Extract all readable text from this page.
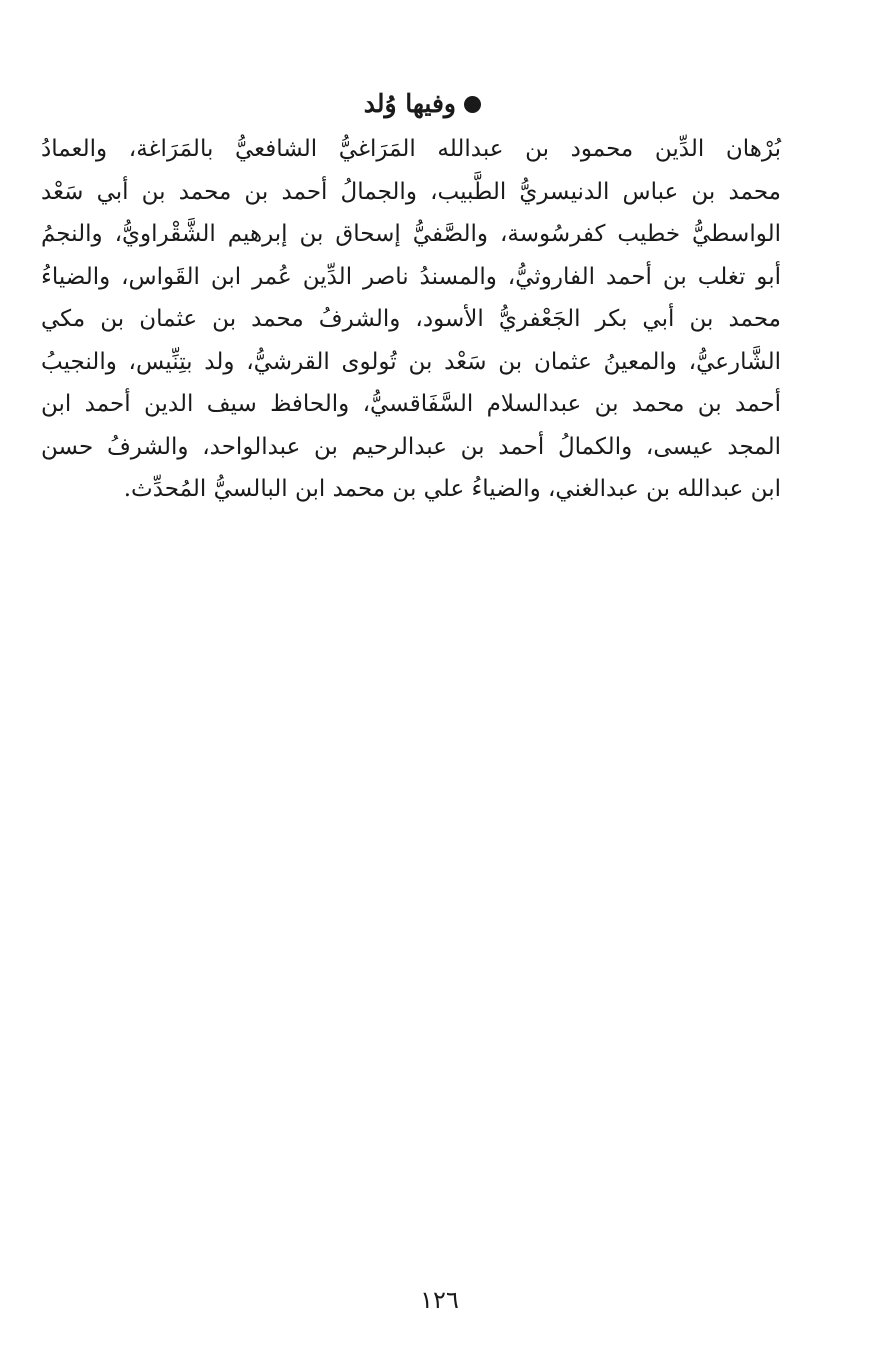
وفيها وُلد
بُرْهان الدِّين محمود بن عبدالله المَرَاغيُّ الشافعيُّ بالمَرَاغة، والعمادُ
محمد بن عباس الدنيسريُّ الطَّبيب، والجمالُ أحمد بن محمد بن أبي سَعْد
الواسطيُّ خطيب كفرسُوسة، والصَّفيُّ إسحاق بن إبرهيم الشَّقْراويُّ، والنجمُ
أبو تغلب بن أحمد الفاروثيُّ، والمسندُ ناصر الدِّين عُمر ابن القَواس، والضياءُ
محمد بن أبي بكر الجَعْفريُّ الأسود، والشرفُ محمد بن عثمان بن مكي
الشَّارعيُّ، والمعينُ عثمان بن سَعْد بن تُولوى القرشيُّ، ولد بتِنِّيس، والنجيبُ
أحمد بن محمد بن عبدالسلام السَّفَاقسيُّ، والحافظ سيف الدين أحمد ابن
المجد عيسى، والكمالُ أحمد بن عبدالرحيم بن عبدالواحد، والشرفُ حسن
ابن عبدالله بن عبدالغني، والضياءُ علي بن محمد ابن البالسيُّ المُحدِّث.
١٢٦
